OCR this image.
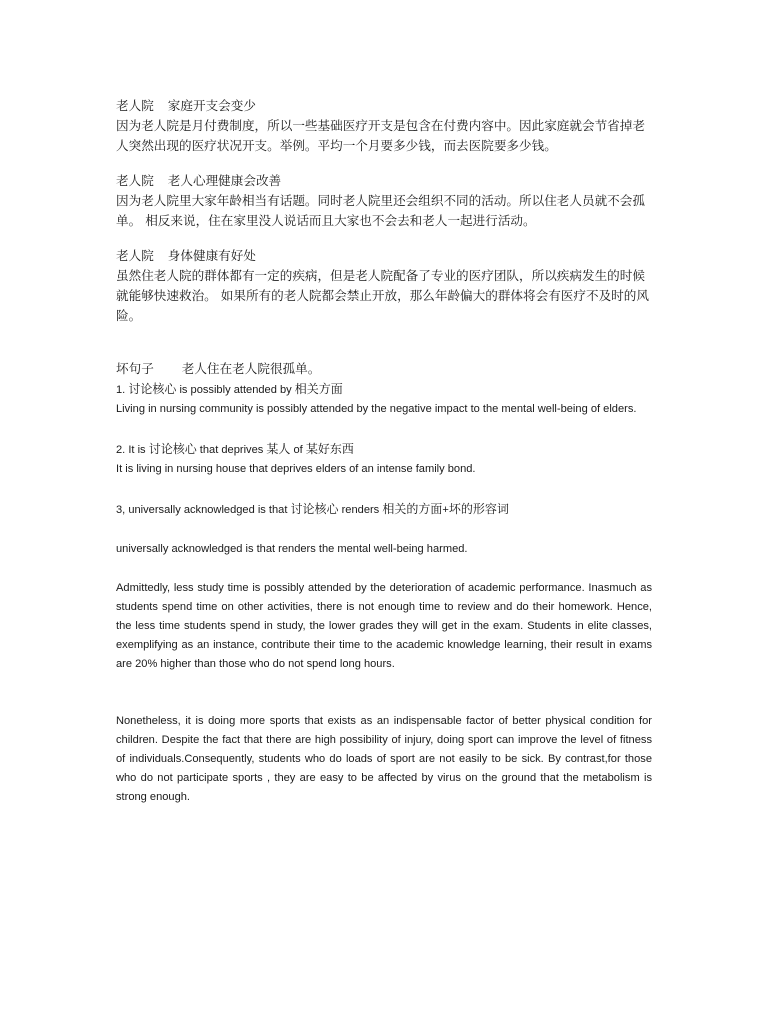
老人院 家庭开支会变少

因为老人院是月付费制度，所以一些基础医疗开支是包含在付费内容中。因此家庭就会节省掉老人突然出现的医疗状况开支。举例。平均一个月要多少钱，而去医院要多少钱。

老人院 老人心理健康会改善

因为老人院里大家年龄相当有话题。同时老人院里还会组织不同的活动。所以住老人员就不会孤单。 相反来说，住在家里没人说话而且大家也不会去和老人一起进行活动。

老人院 身体健康有好处

虽然住老人院的群体都有一定的疾病，但是老人院配备了专业的医疗团队，所以疾病发生的时候就能够快速救治。 如果所有的老人院都会禁止开放，那么年龄偏大的群体将会有医疗不及时的风险。

坏句子 老人住在老人院很孤单。

1. 讨论核心 is possibly attended by 相关方面

Living in nursing community is possibly attended by the negative impact to the mental well-being of elders.

2. It is 讨论核心 that deprives 某人 of 某好东西

It is living in nursing house that deprives elders of an intense family bond.

3, universally acknowledged is that 讨论核心 renders 相关的方面+坏的形容词

universally acknowledged is that renders the mental well-being harmed.

Admittedly, less study time is possibly attended by the deterioration of academic performance. Inasmuch as students spend time on other activities, there is not enough time to review and do their homework. Hence, the less time students spend in study, the lower grades they will get in the exam. Students in elite classes, exemplifying as an instance, contribute their time to the academic knowledge learning, their result in exams are 20% higher than those who do not spend long hours.

Nonetheless, it is doing more sports that exists as an indispensable factor of better physical condition for children. Despite the fact that there are high possibility of injury, doing sport can improve the level of fitness of individuals.Consequently, students who do loads of sport are not easily to be sick. By contrast,for those who do not participate sports , they are easy to be affected by virus on the ground that the metabolism is strong enough.
